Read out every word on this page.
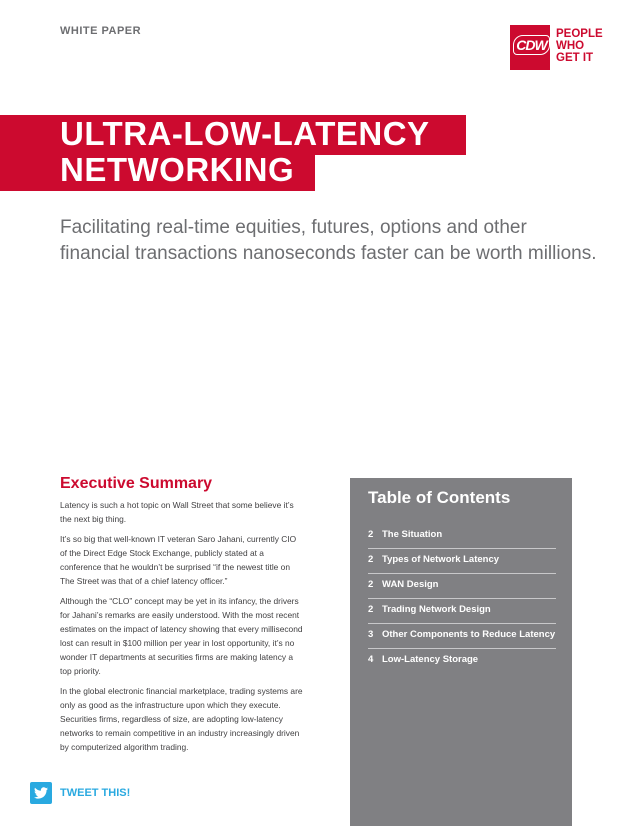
WHITE PAPER
CDW
PEOPLE
WHO
GET IT
ULTRA-LOW-LATENCY
NETWORKING
Facilitating real-time equities, futures, options and other financial transactions nanoseconds faster can be worth millions.
Executive Summary

Latency is such a hot topic on Wall Street that some believe it’s the next big thing.

It’s so big that well-known IT veteran Saro Jahani, currently CIO of the Direct Edge Stock Exchange, publicly stated at a conference that he wouldn’t be surprised “if the newest title on The Street was that of a chief latency officer.”

Although the “CLO” concept may be yet in its infancy, the drivers for Jahani’s remarks are easily understood. With the most recent estimates on the impact of latency showing that every millisecond lost can result in $100 million per year in lost opportunity, it’s no wonder IT departments at securities firms are making latency a top priority.

In the global electronic financial marketplace, trading systems are only as good as the infrastructure upon which they execute. Securities firms, regardless of size, are adopting low-latency networks to remain competitive in an industry increasingly driven by computerized algorithm trading.

Table of Contents
2 The Situation
2 Types of Network Latency
2 WAN Design
2 Trading Network Design
3 Other Components to Reduce Latency
4 Low-Latency Storage
TWEET THIS!
